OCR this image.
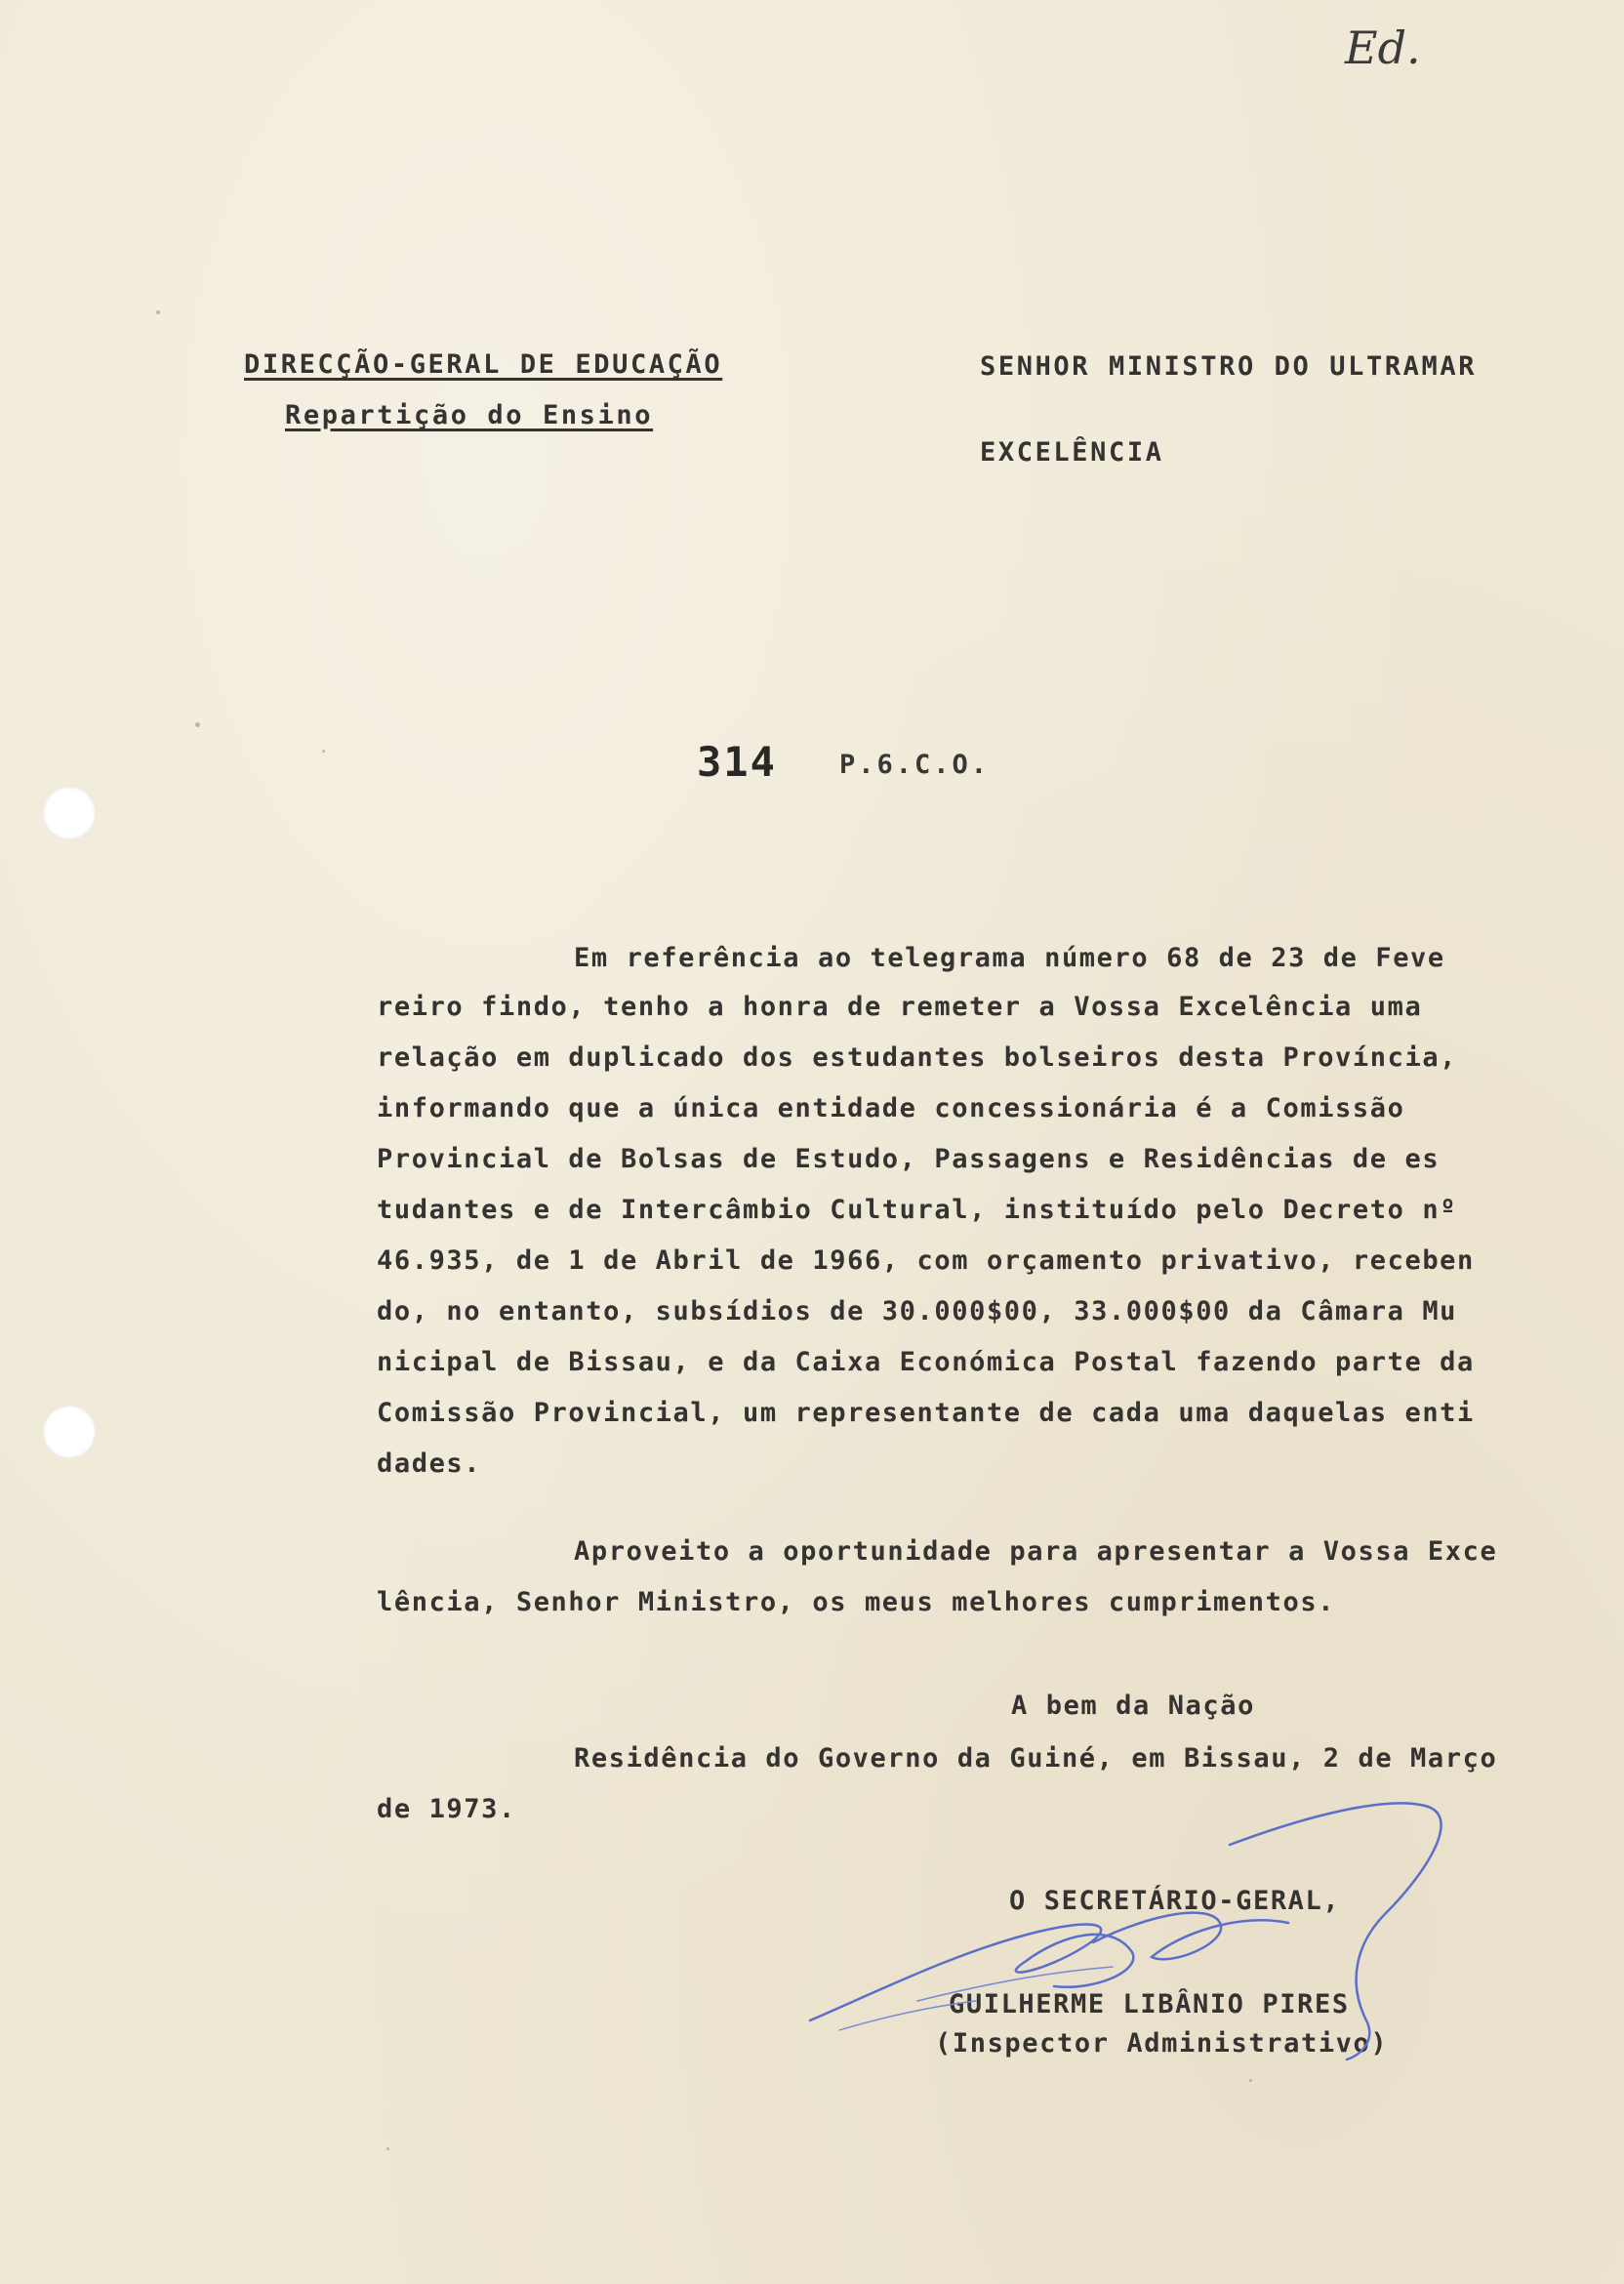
Ed.
DIRECÇÃO-GERAL DE EDUCAÇÃO
Repartição do Ensino
SENHOR MINISTRO DO ULTRAMAR
EXCELÊNCIA
314 P.6.C.O.
Em referência ao telegrama número 68 de 23 de Feve
reiro findo, tenho a honra de remeter a Vossa Excelência uma
relação em duplicado dos estudantes bolseiros desta Província,
informando que a única entidade concessionária é a Comissão
Provincial de Bolsas de Estudo, Passagens e Residências de es
tudantes e de Intercâmbio Cultural, instituído pelo Decreto nº
46.935, de 1 de Abril de 1966, com orçamento privativo, receben
do, no entanto, subsídios de 30.000$00, 33.000$00 da Câmara Mu
nicipal de Bissau, e da Caixa Económica Postal fazendo parte da
Comissão Provincial, um representante de cada uma daquelas enti
dades.
Aproveito a oportunidade para apresentar a Vossa Exce
lência, Senhor Ministro, os meus melhores cumprimentos.
A bem da Nação
Residência do Governo da Guiné, em Bissau, 2 de Março
de 1973.
O SECRETÁRIO-GERAL,
GUILHERME LIBÂNIO PIRES
(Inspector Administrativo)
